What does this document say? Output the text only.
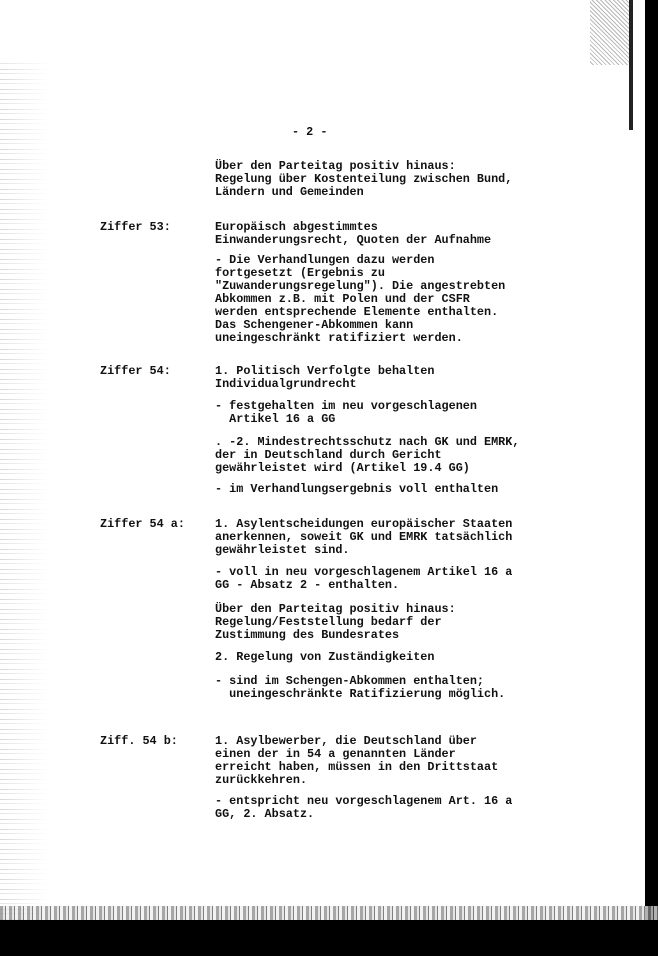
- 2 -
Über den Parteitag positiv hinaus:
Regelung über Kostenteilung zwischen Bund,
Ländern und Gemeinden
Ziffer 53:	Europäisch abgestimmtes
Einwanderungsrecht, Quoten der Aufnahme
- Die Verhandlungen dazu werden
fortgesetzt (Ergebnis zu
"Zuwanderungsregelung"). Die angestrebten
Abkommen z.B. mit Polen und der CSFR
werden entsprechende Elemente enthalten.
Das Schengener-Abkommen kann
uneingeschränkt ratifiziert werden.
Ziffer 54:	1. Politisch Verfolgte behalten
Individualgrundrecht
- festgehalten im neu vorgeschlagenen
Artikel 16 a GG
. -2. Mindestrechtsschutz nach GK und EMRK,
der in Deutschland durch Gericht
gewährleistet wird (Artikel 19.4 GG)
- im Verhandlungsergebnis voll enthalten
Ziffer 54 a:	1. Asylentscheidungen europäischer Staaten
anerkennen, soweit GK und EMRK tatsächlich
gewährleistet sind.
- voll in neu vorgeschlagenem Artikel 16 a
GG - Absatz 2 - enthalten.
Über den Parteitag positiv hinaus:
Regelung/Feststellung bedarf der
Zustimmung des Bundesrates
2. Regelung von Zuständigkeiten
- sind im Schengen-Abkommen enthalten;
uneingeschränkte Ratifizierung möglich.
Ziff. 54 b:	1. Asylbewerber, die Deutschland über
einen der in 54 a genannten Länder
erreicht haben, müssen in den Drittstaat
zurückkehren.
- entspricht neu vorgeschlagenem Art. 16 a
GG, 2. Absatz.
